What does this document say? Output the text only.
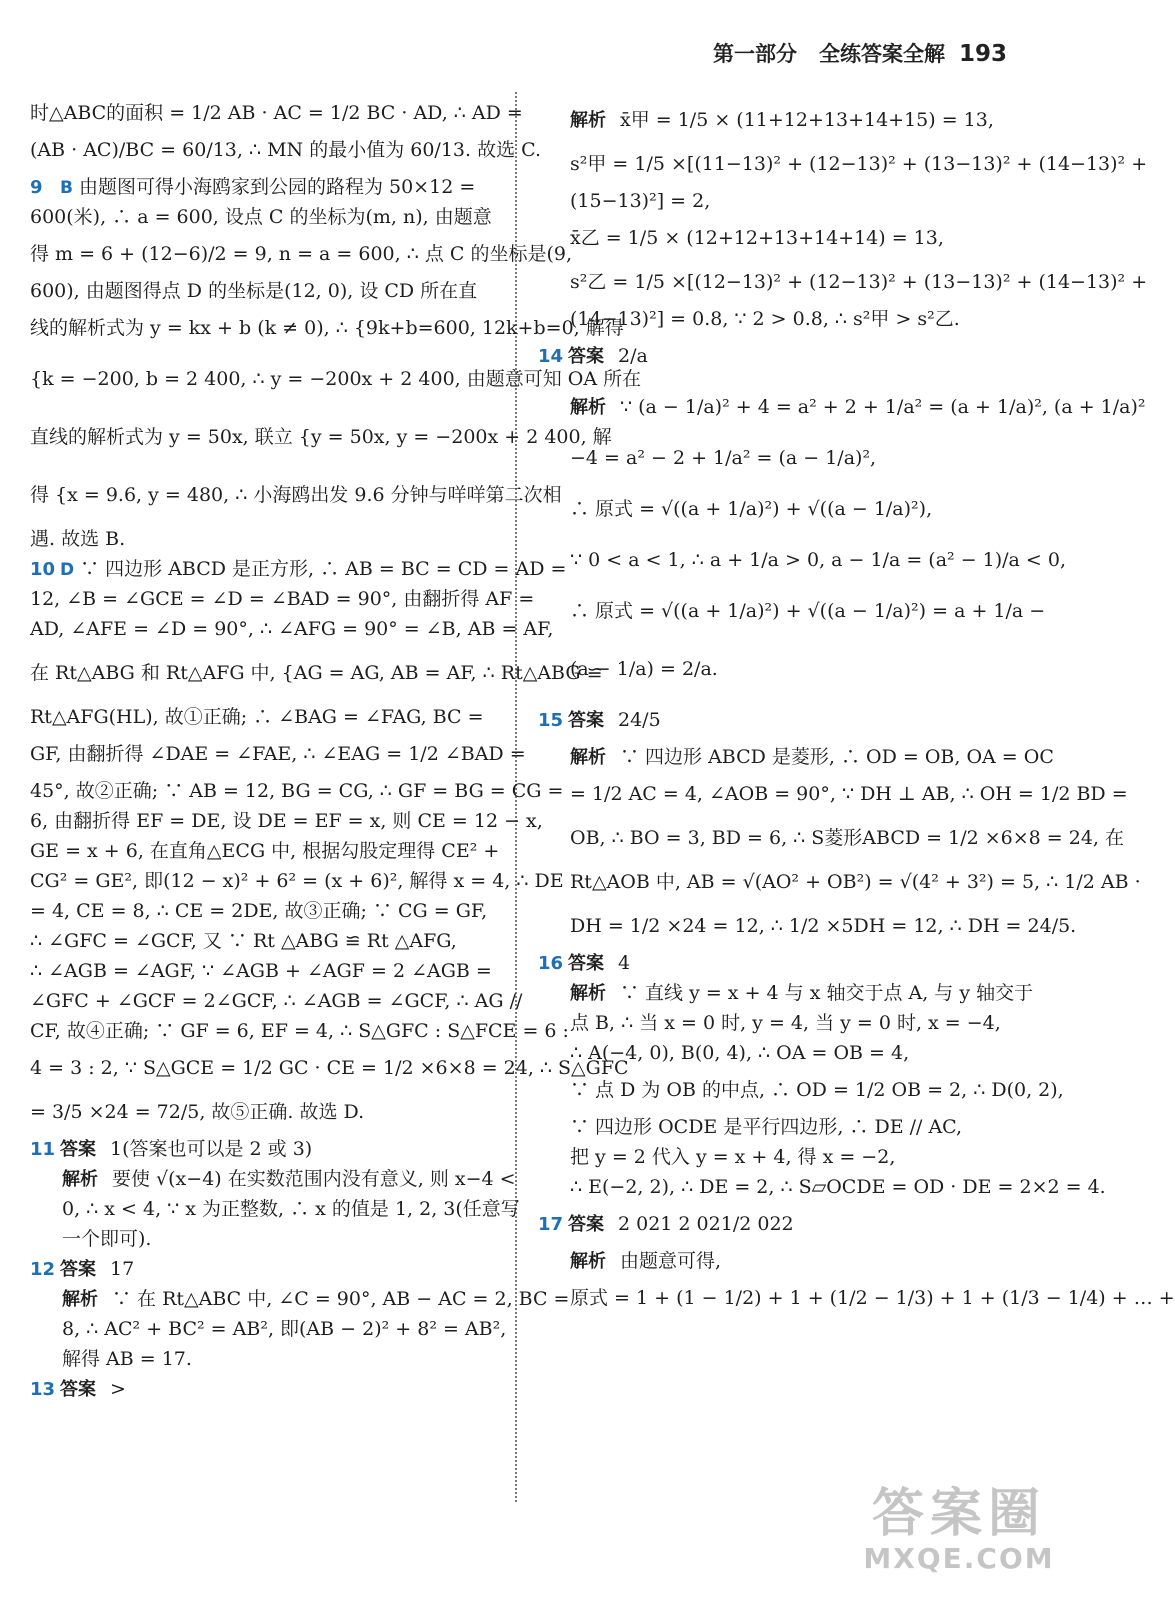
第一部分 全练答案全解 193
时△ABC的面积 = 1/2 AB · AC = 1/2 BC · AD, ∴ AD =
(AB · AC)/BC = 60/13, ∴ MN 的最小值为 60/13. 故选 C.
9 B 由题图可得小海鸥家到公园的路程为 50×12 =
600(米), ∴ a = 600, 设点 C 的坐标为(m, n), 由题意
得 m = 6 + (12−6)/2 = 9, n = a = 600, ∴ 点 C 的坐标是(9,
600), 由题图得点 D 的坐标是(12, 0), 设 CD 所在直
线的解析式为 y = kx + b (k ≠ 0), ∴ {9k+b=600, 12k+b=0, 解得
{k = −200, b = 2 400, ∴ y = −200x + 2 400, 由题意可知 OA 所在
直线的解析式为 y = 50x, 联立 {y = 50x, y = −200x + 2 400, 解
得 {x = 9.6, y = 480, ∴ 小海鸥出发 9.6 分钟与咩咩第二次相
遇. 故选 B.
10 D ∵ 四边形 ABCD 是正方形, ∴ AB = BC = CD = AD =
12, ∠B = ∠GCE = ∠D = ∠BAD = 90°, 由翻折得 AF =
AD, ∠AFE = ∠D = 90°, ∴ ∠AFG = 90° = ∠B, AB = AF,
在 Rt△ABG 和 Rt△AFG 中, {AG = AG, AB = AF, ∴ Rt△ABG ≌
Rt△AFG(HL), 故①正确; ∴ ∠BAG = ∠FAG, BC =
GF, 由翻折得 ∠DAE = ∠FAE, ∴ ∠EAG = 1/2 ∠BAD =
45°, 故②正确; ∵ AB = 12, BG = CG, ∴ GF = BG = CG =
6, 由翻折得 EF = DE, 设 DE = EF = x, 则 CE = 12 − x,
GE = x + 6, 在直角△ECG 中, 根据勾股定理得 CE² +
CG² = GE², 即(12 − x)² + 6² = (x + 6)², 解得 x = 4, ∴ DE
= 4, CE = 8, ∴ CE = 2DE, 故③正确; ∵ CG = GF,
∴ ∠GFC = ∠GCF, 又 ∵ Rt △ABG ≌ Rt △AFG,
∴ ∠AGB = ∠AGF, ∵ ∠AGB + ∠AGF = 2 ∠AGB =
∠GFC + ∠GCF = 2∠GCF, ∴ ∠AGB = ∠GCF, ∴ AG //
CF, 故④正确; ∵ GF = 6, EF = 4, ∴ S△GFC : S△FCE = 6 :
4 = 3 : 2, ∵ S△GCE = 1/2 GC · CE = 1/2 ×6×8 = 24, ∴ S△GFC
= 3/5 ×24 = 72/5, 故⑤正确. 故选 D.
11 答案 1(答案也可以是 2 或 3)
解析 要使 √(x−4) 在实数范围内没有意义, 则 x−4 <
0, ∴ x < 4, ∵ x 为正整数, ∴ x 的值是 1, 2, 3(任意写
一个即可).
12 答案 17
解析 ∵ 在 Rt△ABC 中, ∠C = 90°, AB − AC = 2, BC =
8, ∴ AC² + BC² = AB², 即(AB − 2)² + 8² = AB²,
解得 AB = 17.
13 答案 >
解析 x̄甲 = 1/5 × (11+12+13+14+15) = 13,
s²甲 = 1/5 ×[(11−13)² + (12−13)² + (13−13)² + (14−13)² +
(15−13)²] = 2,
x̄乙 = 1/5 × (12+12+13+14+14) = 13,
s²乙 = 1/5 ×[(12−13)² + (12−13)² + (13−13)² + (14−13)² +
(14−13)²] = 0.8, ∵ 2 > 0.8, ∴ s²甲 > s²乙.
14 答案 2/a
解析 ∵ (a − 1/a)² + 4 = a² + 2 + 1/a² = (a + 1/a)², (a + 1/a)²
−4 = a² − 2 + 1/a² = (a − 1/a)²,
∴ 原式 = √((a + 1/a)²) + √((a − 1/a)²),
∵ 0 < a < 1, ∴ a + 1/a > 0, a − 1/a = (a² − 1)/a < 0,
∴ 原式 = √((a + 1/a)²) + √((a − 1/a)²) = a + 1/a −
(a − 1/a) = 2/a.
15 答案 24/5
解析 ∵ 四边形 ABCD 是菱形, ∴ OD = OB, OA = OC
= 1/2 AC = 4, ∠AOB = 90°, ∵ DH ⊥ AB, ∴ OH = 1/2 BD =
OB, ∴ BO = 3, BD = 6, ∴ S菱形ABCD = 1/2 ×6×8 = 24, 在
Rt△AOB 中, AB = √(AO² + OB²) = √(4² + 3²) = 5, ∴ 1/2 AB ·
DH = 1/2 ×24 = 12, ∴ 1/2 ×5DH = 12, ∴ DH = 24/5.
16 答案 4
解析 ∵ 直线 y = x + 4 与 x 轴交于点 A, 与 y 轴交于
点 B, ∴ 当 x = 0 时, y = 4, 当 y = 0 时, x = −4,
∴ A(−4, 0), B(0, 4), ∴ OA = OB = 4,
∵ 点 D 为 OB 的中点, ∴ OD = 1/2 OB = 2, ∴ D(0, 2),
∵ 四边形 OCDE 是平行四边形, ∴ DE // AC,
把 y = 2 代入 y = x + 4, 得 x = −2,
∴ E(−2, 2), ∴ DE = 2, ∴ S▱OCDE = OD · DE = 2×2 = 4.
17 答案 2 021 2 021/2 022
解析 由题意可得,
原式 = 1 + (1 − 1/2) + 1 + (1/2 − 1/3) + 1 + (1/3 − 1/4) + … +
答案圈
MXQE.COM
